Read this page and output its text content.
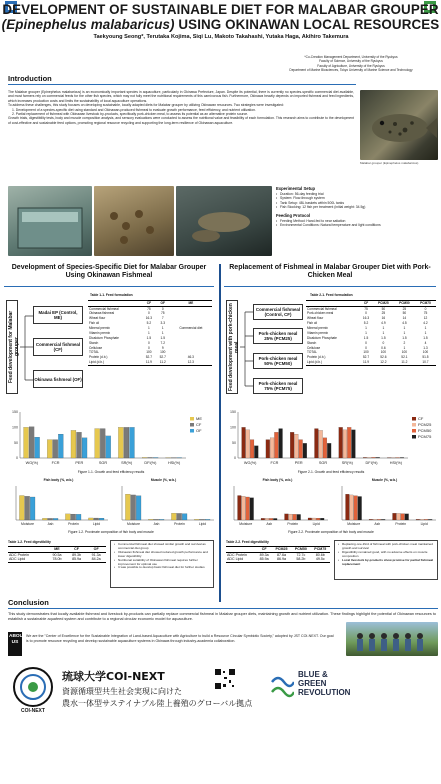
DEVELOPMENT OF SUSTAINABLE DIET FOR MALABAR GROUPER
(Epinephelus malabaricus) USING OKINAWAN LOCAL RESOURCES
Taekyoung Seong*, Terutaka Kojima, Siqi Lu, Makoto Takahashi, Yutaka Haga, Akihiro Takemura
*Co-Creation Management Department, University of the Ryukyus
Faculty of Science, University of the Ryukyus
Faculty of Agriculture, University of the Ryukyus
Department of Marine Biosciences, Tokyo University of Marine Science and Technology
Introduction
The Malabar grouper (Epinephelus malabaricus) is an economically important species in aquaculture, particularly in Okinawa Prefecture, Japan. Despite its potential, there is currently no species-specific commercial diet available, and most farmers rely on commercial feeds for the other fish species, which may not fully meet the nutritional requirements of this carnivorous fish. Furthermore, Okinawa heavily depends on imported fishmeal and feed ingredients, which increases production costs and limits the sustainability of local aquaculture operations.
To address these challenges, this study focuses on developing sustainable, locally adapted diets for Malabar grouper by utilizing Okinawan resources. Two strategies were investigated:
1. Development of a species-specific diet using standard and Okinawan-produced fishmeal to evaluate growth performance, feed efficiency, and nutrient utilization.
2. Partial replacement of fishmeal with Okinawan livestock by-products, specifically pork-chicken meal, to assess its potential as an alternative protein source.
Growth trials, digestibility tests, body and muscle composition analysis, and sensory evaluations were conducted to assess the nutritional value and feasibility of each formulation. This research aims to contribute to the development of cost-effective and sustainable feed options, promoting regional resource recycling and supporting the long-term resilience of Okinawan aquaculture.
Malabar grouper (Epinephelus malabaricus)
Experimental Setup
• Duration: 56-day feeding trial
• System: Flow-through system
• Tank Setup: 48L baskets within 500L tanks
• Fish Stocking: 12 fish per treatment (initial weight: 34.5g)
Feeding Protocol
• Feeding Method: Hand-fed to near satiation
• Environmental Conditions: Natural temperature and light conditions
Development of Species-Specific Diet for Malabar Grouper Using Okinawan Fishmeal
Replacement of Fishmeal in Malabar Grouper Diet with Pork-Chicken Meal
Feed development for Malabar grouper
Madai EP (Control, ME)
Commercial fishmeal (CF)
Okinawa fishmeal (OF)
Table 1-1. Feed formulation
	CF	OF	ME
Commercial fishmeal	75	0	
Okinawa fishmeal	0	75	
Wheat flour	16.3	7	
Fish oil	5.2	3.3	
Mineral premix	1	1	Commercial diet
Vitamin premix	1	1	
Dicalcium Phosphate	1.5	1.5	
Starch	0	7.2	
Cellulose	0	9	
TOTAL	100	100	
Protein (d.b.)	52.7	52.7	46.3
Lipid (d.b.)	11.9	11.2	12.3	Feed development with pork-chicken meal
Commercial fishmeal (Control, CF)
Pork-chicken meal 25% (PCM25)
Pork-chicken meal 50% (PCM50)
Pork-chicken meal 75% (PCM75)
Table 2-1. Feed formulation
	CF	PCM25	PCM50	PCM75
Commercial fishmeal	75	50	25	0
Pork-chicken meal	0	25	50	75
Wheat flour	16.3	16	14	12
Fish oil	5.2	4.9	4.5	4.2
Mineral premix	1	1	1	1
Vitamin premix	1	1	1	1
Dicalcium Phosphate	1.5	1.5	1.5	1.5
Starch	0	0	2	4
Cellulose	0	0.6	1	1.3
TOTAL	100	100	100	100
Protein (d.b.)	52.7	52.6	52.1	51.5
Lipid (d.b.)	11.9	12.2	11.2	10.7
0
50
100
150
WG(%)	FCR	PER	SGR	SR(%)	DFI(%)	HSI(%)
ME
CF
OF
Figure 1-1. Growth and feed efficiency results
0
50
100
150
WG(%)	FCR	PER	SGR	SR(%)	DFI(%)	HSI(%)
CF
PCM25
PCM50
PCM75
Figure 2-1. Growth and feed efficiency results
Fish body (%, w.b.)	Muscle (%, w.b.)
Moisture	Ash	Protein	Lipid	Moisture	Ash	Protein	Lipid
Figure 1-2. Proximate composition of fish body and muscle
Fish body (%, w.b.)	Muscle (%, w.b.)
Moisture	Ash	Protein	Lipid	Moisture	Ash	Protein	Lipid
Figure 2-2. Proximate composition of fish body and muscle
Table 1-2. Feed digestibility
	ME	CF	OF
ADC Protein	90.5a	89.3b	91.3a
ADC Lipid	78.0b	85.9a	84.2a
• Commercial fishmeal diet showed similar growth and survival as commercial diet group
• Okinawan fishmeal diet showed reduced growth performance and lower digestibility
• Nutritional suitability of Okinawan fishmeal requires further improvement for optimal use
• It was possible to develop basic fishmeal diet for further studies
Table 2-2. Feed digestibility
	CF	PCM25	PCM50	PCM75
ADC Protein	89.3a	87.6a	72.7c	80.6b
ADC Lipid	85.9a	86.9a	58.2b	49.5c
• Replacing one-third of fishmeal with pork-chicken meal maintained growth and survival
• Digestibility remained good, with no adverse effects on muscle composition
• Local livestock by-products show promise for partial fishmeal replacement
Conclusion
This study demonstrates that locally available fishmeal and livestock by-products can partially replace commercial fishmeal in Malabar grouper diets, maintaining growth and nutrient utilization. These findings highlight the potential of Okinawan resources to establish a sustainable aquafeed system and contribute to a regional circular economic model for aquaculture.
ABOUT US
We are the "Center of Excellence for the Sustainable Integration of Land-based Aquaculture with Agriculture to build a Resource Circular Symbiotic Society," adopted by JST COI-NEXT. Our goal is to promote resource recycling and develop sustainable aquaculture systems in Okinawa through industry-academia collaboration.
COI-NEXT
琉球大学COI-NEXT
資源循環型共生社会実現に向けた
農水一体型サステイナブル陸上養殖のグローバル拠点
BLUE &
GREEN
REVOLUTION
